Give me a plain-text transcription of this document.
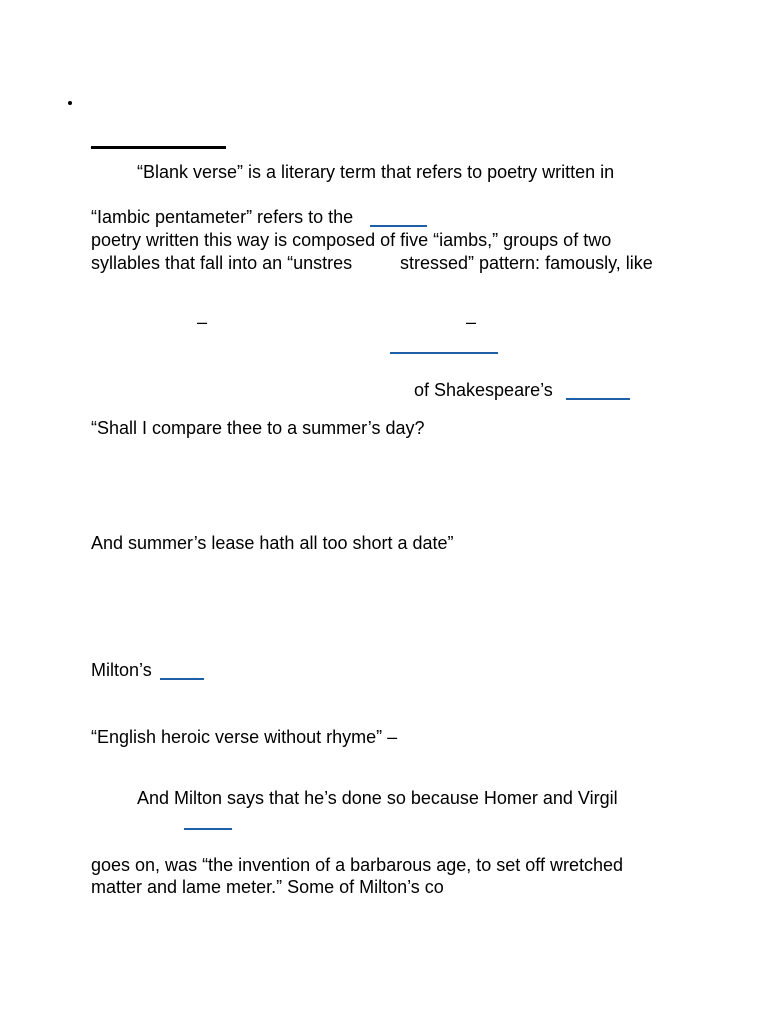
“Blank verse” is a literary term that refers to poetry written in
“Iambic pentameter” refers to the
poetry written this way is composed of five “iambs,” groups of two
syllables that fall into an “unstres	stressed” pattern: famously, like
–	–
of Shakespeare’s
“Shall I compare thee to a summer’s day?
And summer’s lease hath all too short a date”
Milton’s
“English heroic verse without rhyme” –
And Milton says that he’s done so because Homer and Virgil
goes on, was “the invention of a barbarous age, to set off wretched
matter and lame meter.” Some of Milton’s co
